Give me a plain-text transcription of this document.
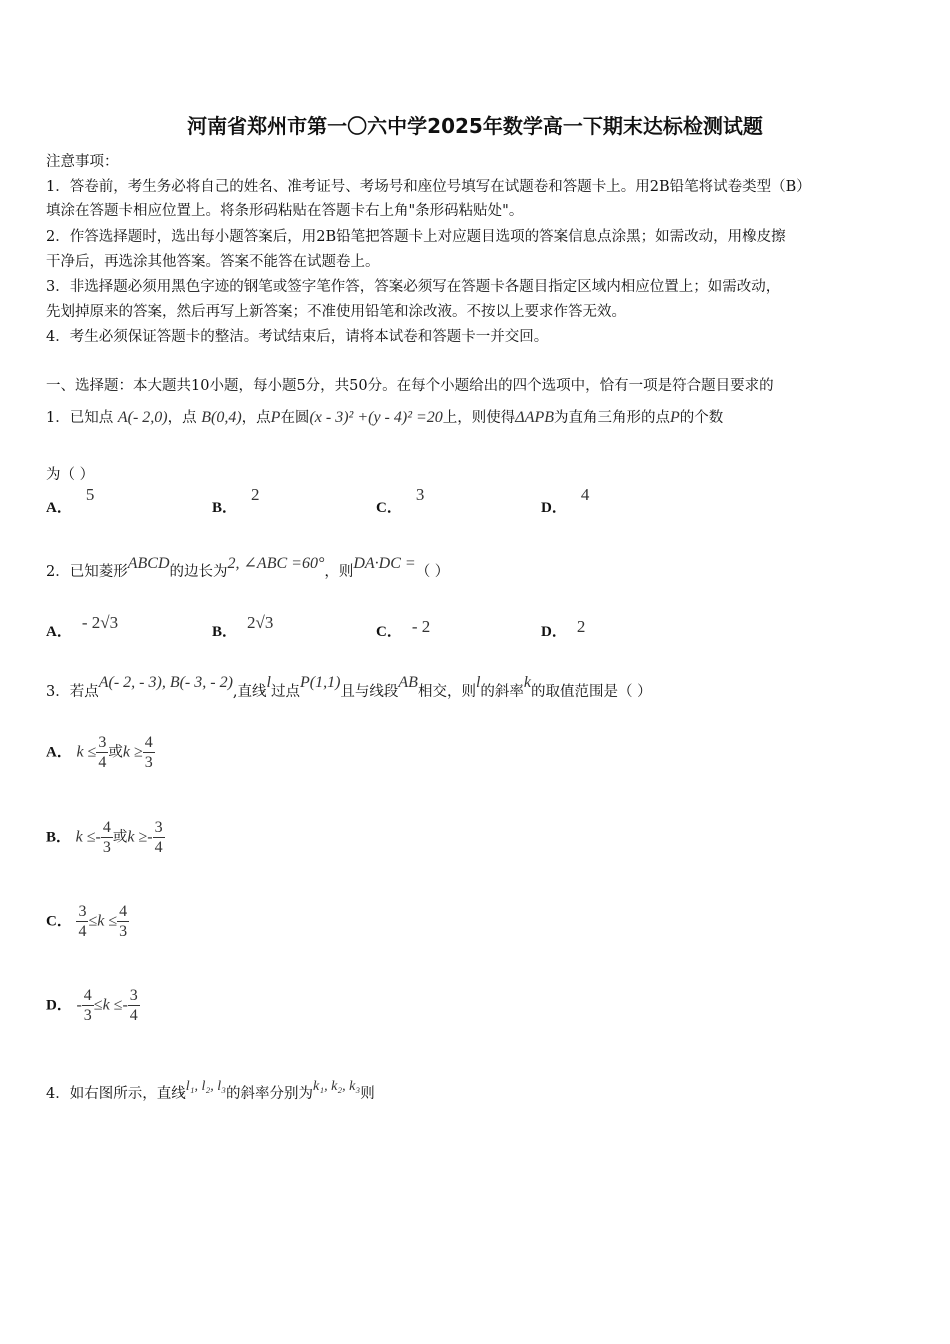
河南省郑州市第一〇六中学2025年数学高一下期末达标检测试题
注意事项：
1．答卷前，考生务必将自己的姓名、准考证号、考场号和座位号填写在试题卷和答题卡上。用2B铅笔将试卷类型（B）
填涂在答题卡相应位置上。将条形码粘贴在答题卡右上角"条形码粘贴处"。
2．作答选择题时，选出每小题答案后，用2B铅笔把答题卡上对应题目选项的答案信息点涂黑；如需改动，用橡皮擦
干净后，再选涂其他答案。答案不能答在试题卷上。
3．非选择题必须用黑色字迹的钢笔或签字笔作答，答案必须写在答题卡各题目指定区域内相应位置上；如需改动，
先划掉原来的答案，然后再写上新答案；不准使用铅笔和涂改液。不按以上要求作答无效。
4．考生必须保证答题卡的整洁。考试结束后，请将本试卷和答题卡一并交回。
一、选择题：本大题共10小题，每小题5分，共50分。在每个小题给出的四个选项中，恰有一项是符合题目要求的
1．已知点 A(- 2,0)，点 B(0,4)，点P在圆(x - 3)² +(y - 4)² =20上，则使得ΔAPB为直角三角形的点P的个数
为（ ）
A．5
B．2
C．3
D．4
2．已知菱形ABCD的边长为2, ∠ABC =60°，则DA·DC =（ ）
A． - 2√3	B． 2√3	C． - 2	D． 2
3．若点A(- 2, - 3), B(- 3, - 2),直线l过点P(1,1)且与线段AB相交，则l的斜率k的取值范围是（ ）
A． $k \le \frac{3}{4}$ 或$k \ge \frac{4}{3}$
B． $k \le- \frac{4}{3}$ 或$k \ge- \frac{3}{4}$
C． $\frac{3}{4} \le k \le \frac{4}{3}$
D． - $\frac{4}{3} \le k \le- \frac{3}{4}$
4．如右图所示，直线l₁, l₂, l₃的斜率分别为k₁, k₂, k₃则
